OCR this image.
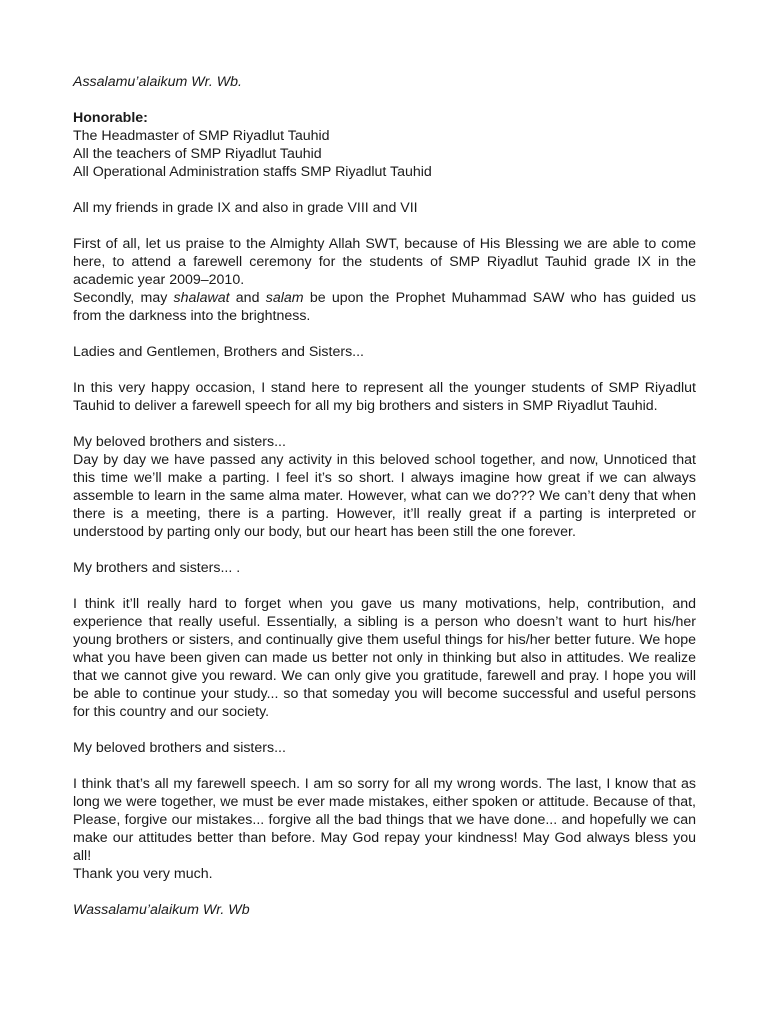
Assalamu’alaikum Wr. Wb.

Honorable:

The Headmaster of SMP Riyadlut Tauhid

All the teachers of SMP Riyadlut Tauhid

All Operational Administration staffs SMP Riyadlut Tauhid

All my friends in grade IX and also in grade VIII and VII

First of all, let us praise to the Almighty Allah SWT, because of His Blessing we are able to come here, to attend a farewell ceremony for the students of SMP Riyadlut Tauhid grade IX in the academic year 2009–2010.

Secondly, may shalawat and salam be upon the Prophet Muhammad SAW who has guided us from the darkness into the brightness.

Ladies and Gentlemen, Brothers and Sisters...

In this very happy occasion, I stand here to represent all the younger students of SMP Riyadlut Tauhid to deliver a farewell speech for all my big brothers and sisters in SMP Riyadlut Tauhid.

My beloved brothers and sisters...

Day by day we have passed any activity in this beloved school together, and now, Unnoticed that this time we’ll make a parting. I feel it’s so short. I always imagine how great if we can always assemble to learn in the same alma mater. However, what can we do??? We can’t deny that when there is a meeting, there is a parting. However, it’ll really great if a parting is interpreted or understood by parting only our body, but our heart has been still the one forever.

My brothers and sisters... .

I think it’ll really hard to forget when you gave us many motivations, help, contribution, and experience that really useful. Essentially, a sibling is a person who doesn’t want to hurt his/her young brothers or sisters, and continually give them useful things for his/her better future. We hope what you have been given can made us better not only in thinking but also in attitudes. We realize that we cannot give you reward. We can only give you gratitude, farewell and pray. I hope you will be able to continue your study... so that someday you will become successful and useful persons for this country and our society.

My beloved brothers and sisters...

I think that’s all my farewell speech. I am so sorry for all my wrong words. The last, I know that as long we were together, we must be ever made mistakes, either spoken or attitude. Because of that, Please, forgive our mistakes... forgive all the bad things that we have done... and hopefully we can make our attitudes better than before. May God repay your kindness! May God always bless you all!

Thank you very much.

Wassalamu’alaikum Wr. Wb
